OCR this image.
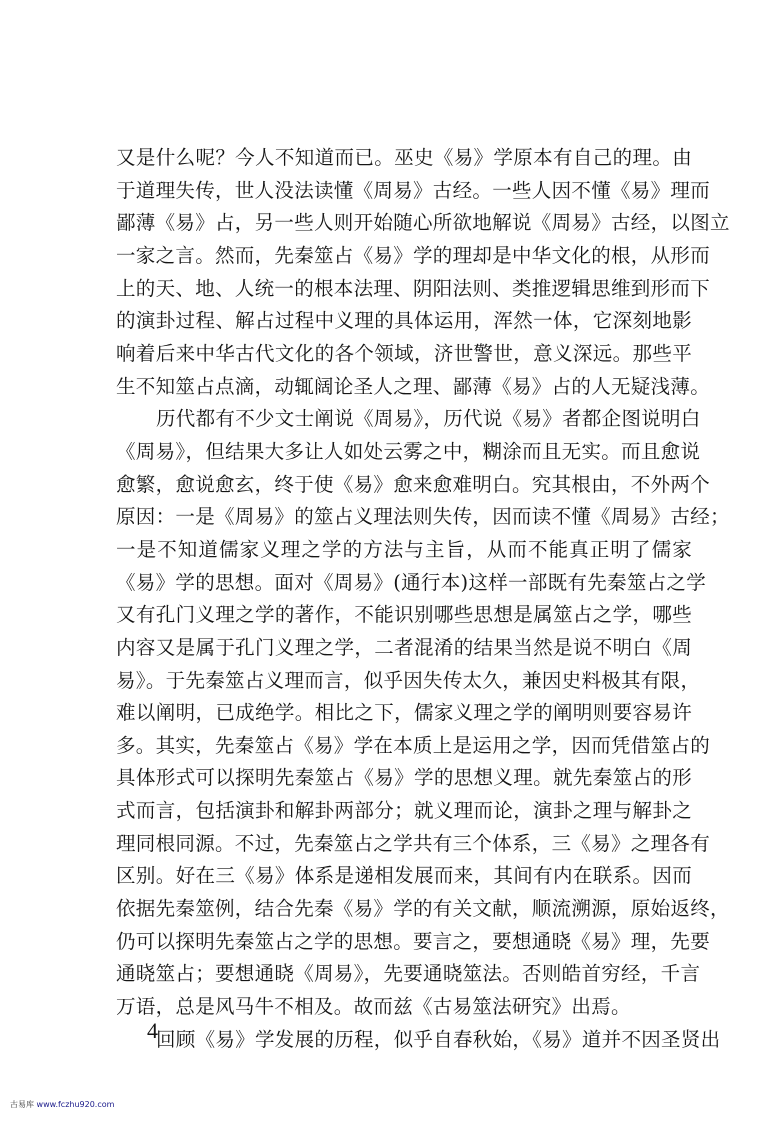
又是什么呢？今人不知道而已。巫史《易》学原本有自己的理。由
于道理失传，世人没法读懂《周易》古经。一些人因不懂《易》理而
鄙薄《易》占，另一些人则开始随心所欲地解说《周易》古经，以图立
一家之言。然而，先秦筮占《易》学的理却是中华文化的根，从形而
上的天、地、人统一的根本法理、阴阳法则、类推逻辑思维到形而下
的演卦过程、解占过程中义理的具体运用，浑然一体，它深刻地影
响着后来中华古代文化的各个领域，济世警世，意义深远。那些平
生不知筮占点滴，动辄阔论圣人之理、鄙薄《易》占的人无疑浅薄。
历代都有不少文士阐说《周易》，历代说《易》者都企图说明白
《周易》，但结果大多让人如处云雾之中，糊涂而且无实。而且愈说
愈繁，愈说愈玄，终于使《易》愈来愈难明白。究其根由，不外两个
原因：一是《周易》的筮占义理法则失传，因而读不懂《周易》古经；
一是不知道儒家义理之学的方法与主旨，从而不能真正明了儒家
《易》学的思想。面对《周易》(通行本)这样一部既有先秦筮占之学
又有孔门义理之学的著作，不能识别哪些思想是属筮占之学，哪些
内容又是属于孔门义理之学，二者混淆的结果当然是说不明白《周
易》。于先秦筮占义理而言，似乎因失传太久，兼因史料极其有限，
难以阐明，已成绝学。相比之下，儒家义理之学的阐明则要容易许
多。其实，先秦筮占《易》学在本质上是运用之学，因而凭借筮占的
具体形式可以探明先秦筮占《易》学的思想义理。就先秦筮占的形
式而言，包括演卦和解卦两部分；就义理而论，演卦之理与解卦之
理同根同源。不过，先秦筮占之学共有三个体系，三《易》之理各有
区别。好在三《易》体系是递相发展而来，其间有内在联系。因而
依据先秦筮例，结合先秦《易》学的有关文献，顺流溯源，原始返终，
仍可以探明先秦筮占之学的思想。要言之，要想通晓《易》理，先要
通晓筮占；要想通晓《周易》，先要通晓筮法。否则皓首穷经，千言
万语，总是风马牛不相及。故而兹《古易筮法研究》出焉。
回顾《易》学发展的历程，似乎自春秋始，《易》道并不因圣贤出
4
古易库 www.fczhu920.com
